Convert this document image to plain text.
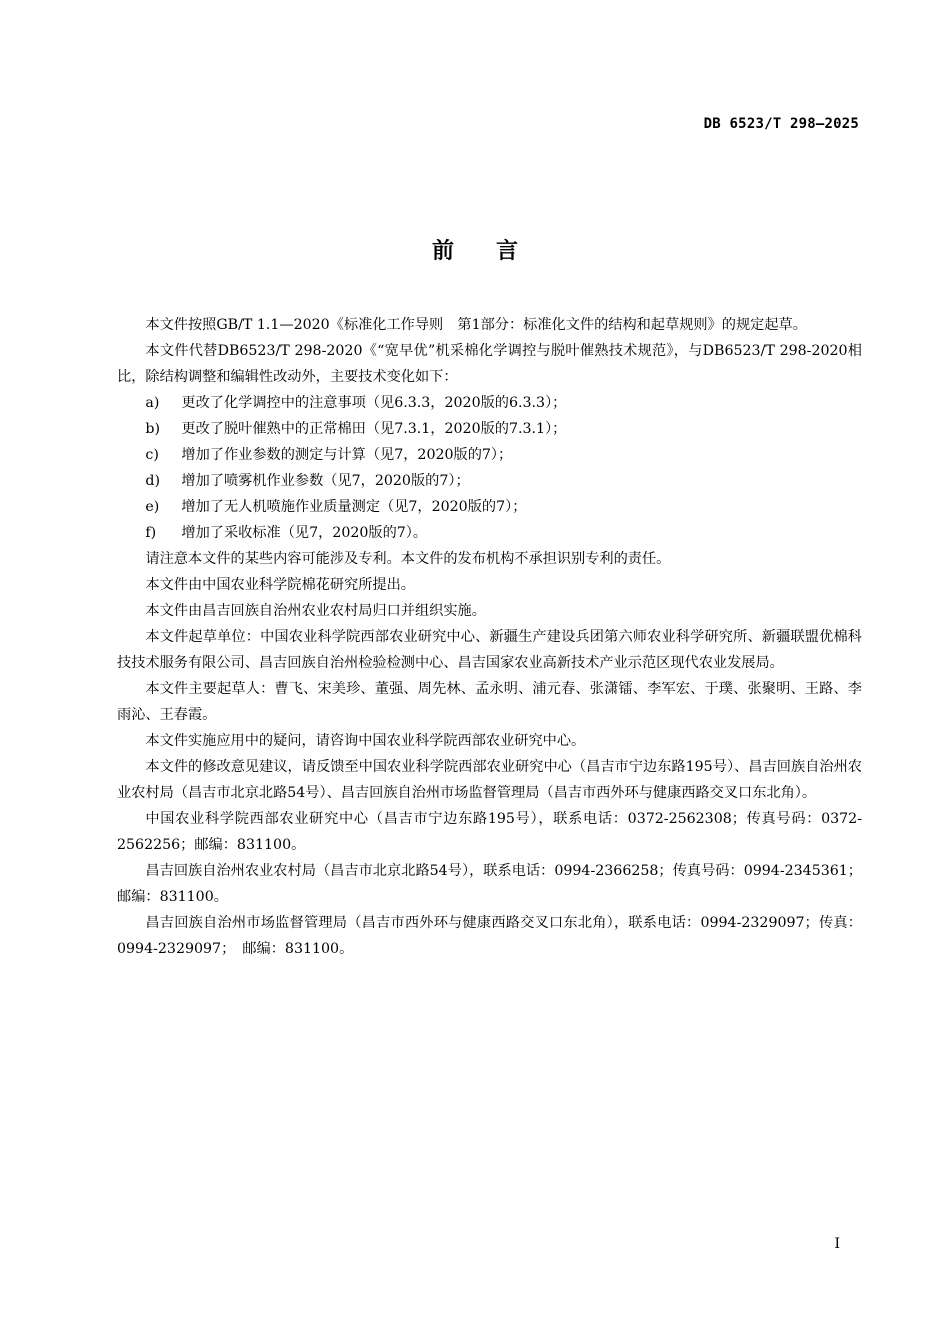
DB 6523/T 298—2025
前言

本文件按照GB/T 1.1—2020《标准化工作导则　第1部分：标准化文件的结构和起草规则》的规定起草。

本文件代替DB6523/T 298-2020《“宽早优”机采棉化学调控与脱叶催熟技术规范》，与DB6523/T 298-2020相比，除结构调整和编辑性改动外，主要技术变化如下：

a) 更改了化学调控中的注意事项（见6.3.3，2020版的6.3.3）；

b) 更改了脱叶催熟中的正常棉田（见7.3.1，2020版的7.3.1）；

c) 增加了作业参数的测定与计算（见7，2020版的7）；

d) 增加了喷雾机作业参数（见7，2020版的7）；

e) 增加了无人机喷施作业质量测定（见7，2020版的7）；

f) 增加了采收标准（见7，2020版的7）。

请注意本文件的某些内容可能涉及专利。本文件的发布机构不承担识别专利的责任。

本文件由中国农业科学院棉花研究所提出。

本文件由昌吉回族自治州农业农村局归口并组织实施。

本文件起草单位：中国农业科学院西部农业研究中心、新疆生产建设兵团第六师农业科学研究所、新疆联盟优棉科技技术服务有限公司、昌吉回族自治州检验检测中心、昌吉国家农业高新技术产业示范区现代农业发展局。

本文件主要起草人：曹飞、宋美珍、董强、周先林、孟永明、浦元春、张潇镭、李军宏、于璞、张聚明、王路、李雨沁、王春霞。

本文件实施应用中的疑问，请咨询中国农业科学院西部农业研究中心。

本文件的修改意见建议，请反馈至中国农业科学院西部农业研究中心（昌吉市宁边东路195号）、昌吉回族自治州农业农村局（昌吉市北京北路54号）、昌吉回族自治州市场监督管理局（昌吉市西外环与健康西路交叉口东北角）。

中国农业科学院西部农业研究中心（昌吉市宁边东路195号），联系电话：0372-2562308；传真号码：0372-2562256；邮编：831100。

昌吉回族自治州农业农村局（昌吉市北京北路54号），联系电话：0994-2366258；传真号码：0994-2345361；邮编：831100。

昌吉回族自治州市场监督管理局（昌吉市西外环与健康西路交叉口东北角），联系电话：0994-2329097；传真：0994-2329097；　邮编：831100。

I
